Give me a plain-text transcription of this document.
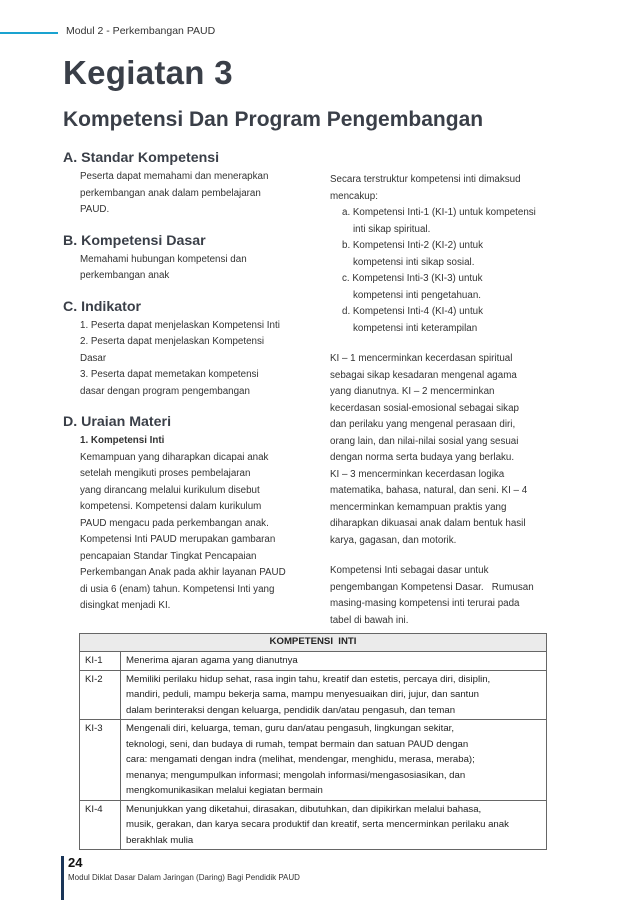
Modul 2 - Perkembangan PAUD
Kegiatan 3
Kompetensi Dan Program Pengembangan

A. Standar Kompetensi

Peserta dapat memahami dan menerapkan
perkembangan anak dalam pembelajaran
PAUD.

B. Kompetensi Dasar

Memahami hubungan kompetensi dan
perkembangan anak

C. Indikator

1. Peserta dapat menjelaskan Kompetensi Inti
2. Peserta dapat menjelaskan Kompetensi
Dasar
3. Peserta dapat memetakan kompetensi
dasar dengan program pengembangan

D. Uraian Materi

1. Kompetensi Inti
Kemampuan yang diharapkan dicapai anak
setelah mengikuti proses pembelajaran
yang dirancang melalui kurikulum disebut
kompetensi. Kompetensi dalam kurikulum
PAUD mengacu pada perkembangan anak.
Kompetensi Inti PAUD merupakan gambaran
pencapaian Standar Tingkat Pencapaian
Perkembangan Anak pada akhir layanan PAUD
di usia 6 (enam) tahun. Kompetensi Inti yang
disingkat menjadi KI.
Secara terstruktur kompetensi inti dimaksud
mencakup:
a. Kompetensi Inti-1 (KI-1) untuk kompetensi
inti sikap spiritual.
b. Kompetensi Inti-2 (KI-2) untuk
kompetensi inti sikap sosial.
c. Kompetensi Inti-3 (KI-3) untuk
kompetensi inti pengetahuan.
d. Kompetensi Inti-4 (KI-4) untuk
kompetensi inti keterampilan
KI – 1 mencerminkan kecerdasan spiritual
sebagai sikap kesadaran mengenal agama
yang dianutnya. KI – 2 mencerminkan
kecerdasan sosial-emosional sebagai sikap
dan perilaku yang mengenal perasaan diri,
orang lain, dan nilai-nilai sosial yang sesuai
dengan norma serta budaya yang berlaku.
KI – 3 mencerminkan kecerdasan logika
matematika, bahasa, natural, dan seni. KI – 4
mencerminkan kemampuan praktis yang
diharapkan dikuasai anak dalam bentuk hasil
karya, gagasan, dan motorik.
Kompetensi Inti sebagai dasar untuk
pengembangan Kompetensi Dasar.   Rumusan
masing-masing kompetensi inti terurai pada
tabel di bawah ini.
KOMPETENSI  INTI	
KI-1	Menerima ajaran agama yang dianutnya

KI-2	Memiliki perilaku hidup sehat, rasa ingin tahu, kreatif dan estetis, percaya diri, disiplin,
mandiri, peduli, mampu bekerja sama, mampu menyesuaikan diri, jujur, dan santun
dalam berinteraksi dengan keluarga, pendidik dan/atau pengasuh, dan teman

KI-3	Mengenali diri, keluarga, teman, guru dan/atau pengasuh, lingkungan sekitar,
teknologi, seni, dan budaya di rumah, tempat bermain dan satuan PAUD dengan
cara: mengamati dengan indra (melihat, mendengar, menghidu, merasa, meraba);
menanya; mengumpulkan informasi; mengolah informasi/mengasosiasikan, dan
mengkomunikasikan melalui kegiatan bermain

KI-4	Menunjukkan yang diketahui, dirasakan, dibutuhkan, dan dipikirkan melalui bahasa,
musik, gerakan, dan karya secara produktif dan kreatif, serta mencerminkan perilaku anak
berakhlak mulia
24
Modul Diklat Dasar Dalam Jaringan (Daring) Bagi Pendidik PAUD
